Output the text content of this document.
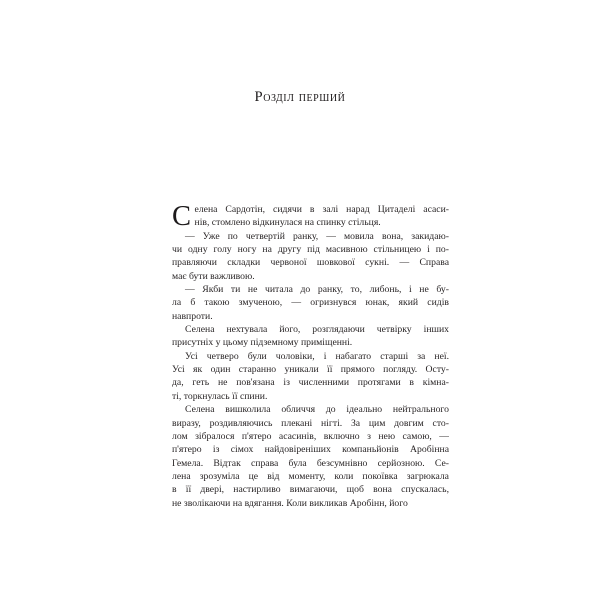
Розділ перший

С елена Сардотін, сидячи в залі нарад Цитаделі асаси-
нів, стомлено відкинулася на спинку стільця.

— Уже по четвертій ранку, — мовила вона, закидаю-
чи одну голу ногу на другу під масивною стільницею і по-
правляючи складки червоної шовкової сукні. — Справа
має бути важливою.

— Якби ти не читала до ранку, то, либонь, і не бу-
ла б такою змученою, — огризнувся юнак, який сидів
навпроти.

Селена нехтувала його, розглядаючи четвірку інших
присутніх у цьому підземному приміщенні.

Усі четверо були чоловіки, і набагато старші за неї.
Усі як один старанно уникали її прямого погляду. Осту-
да, геть не пов'язана із численними протягами в кімна-
ті, торкнулась її спини.

Селена вишколила обличчя до ідеально нейтрального
виразу, роздивляючись плекані нігті. За цим довгим сто-
лом зібралося п'ятеро асасинів, включно з нею самою, —
п'ятеро із сімох найдовіреніших компаньйонів Аробінна
Гемела. Відтак справа була безсумнівно серйозною. Се-
лена зрозуміла це від моменту, коли покоївка загрюкала
в її двері, настирливо вимагаючи, щоб вона спускалась,
не зволікаючи на вдягання. Коли викликав Аробінн, його
